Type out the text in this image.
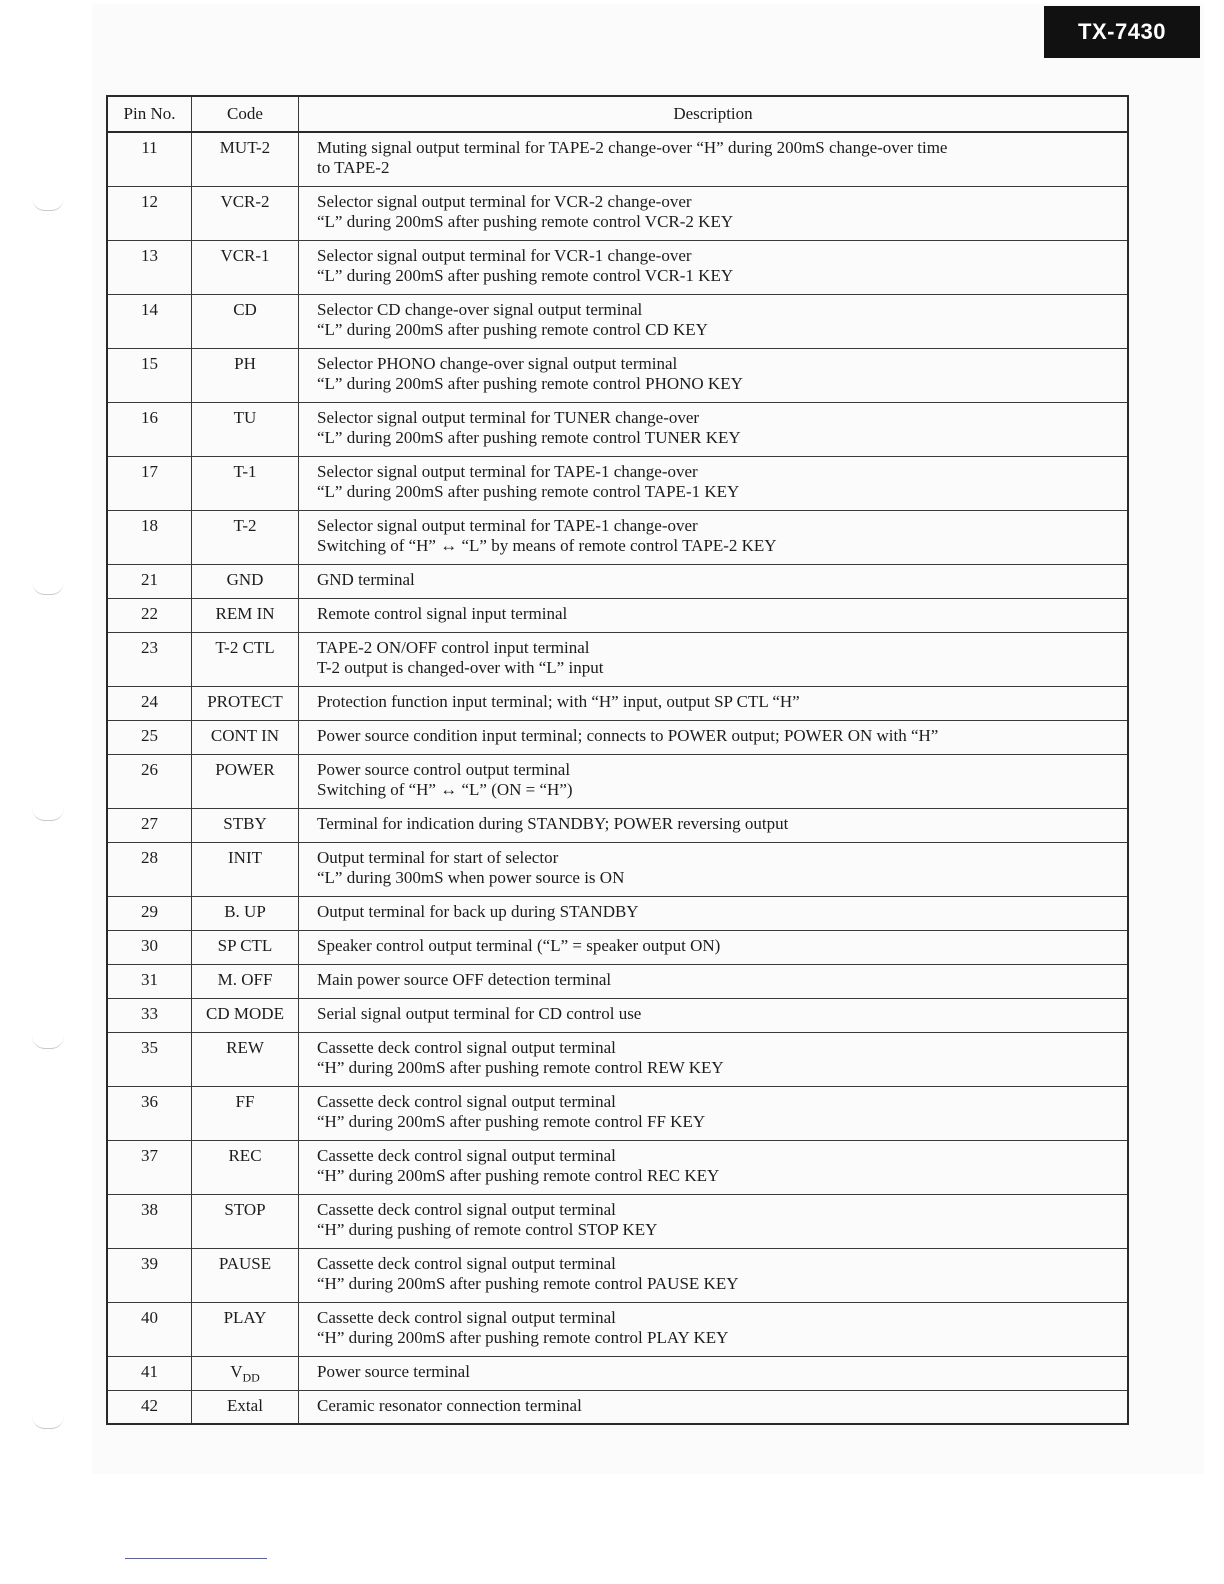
TX-7430
Pin No.	Code	Description
11	MUT-2	Muting signal output terminal for TAPE-2 change-over “H” during 200mS change-over time
to TAPE-2

12	VCR-2	Selector signal output terminal for VCR-2 change-over
“L” during 200mS after pushing remote control VCR-2 KEY

13	VCR-1	Selector signal output terminal for VCR-1 change-over
“L” during 200mS after pushing remote control VCR-1 KEY

14	CD	Selector CD change-over signal output terminal
“L” during 200mS after pushing remote control CD KEY

15	PH	Selector PHONO change-over signal output terminal
“L” during 200mS after pushing remote control PHONO KEY

16	TU	Selector signal output terminal for TUNER change-over
“L” during 200mS after pushing remote control TUNER KEY

17	T-1	Selector signal output terminal for TAPE-1 change-over
“L” during 200mS after pushing remote control TAPE-1 KEY

18	T-2	Selector signal output terminal for TAPE-1 change-over
Switching of “H” ↔ “L” by means of remote control TAPE-2 KEY

21	GND	GND terminal

22	REM IN	Remote control signal input terminal

23	T-2 CTL	TAPE-2 ON/OFF control input terminal
T-2 output is changed-over with “L” input

24	PROTECT	Protection function input terminal; with “H” input, output SP CTL “H”

25	CONT IN	Power source condition input terminal; connects to POWER output; POWER ON with “H”

26	POWER	Power source control output terminal
Switching of “H” ↔ “L” (ON = “H”)

27	STBY	Terminal for indication during STANDBY; POWER reversing output

28	INIT	Output terminal for start of selector
“L” during 300mS when power source is ON

29	B. UP	Output terminal for back up during STANDBY

30	SP CTL	Speaker control output terminal (“L” = speaker output ON)

31	M. OFF	Main power source OFF detection terminal

33	CD MODE	Serial signal output terminal for CD control use

35	REW	Cassette deck control signal output terminal
“H” during 200mS after pushing remote control REW KEY

36	FF	Cassette deck control signal output terminal
“H” during 200mS after pushing remote control FF KEY

37	REC	Cassette deck control signal output terminal
“H” during 200mS after pushing remote control REC KEY

38	STOP	Cassette deck control signal output terminal
“H” during pushing of remote control STOP KEY

39	PAUSE	Cassette deck control signal output terminal
“H” during 200mS after pushing remote control PAUSE KEY

40	PLAY	Cassette deck control signal output terminal
“H” during 200mS after pushing remote control PLAY KEY

41	$V_{DD}$	Power source terminal

42	Extal	Ceramic resonator connection terminal
